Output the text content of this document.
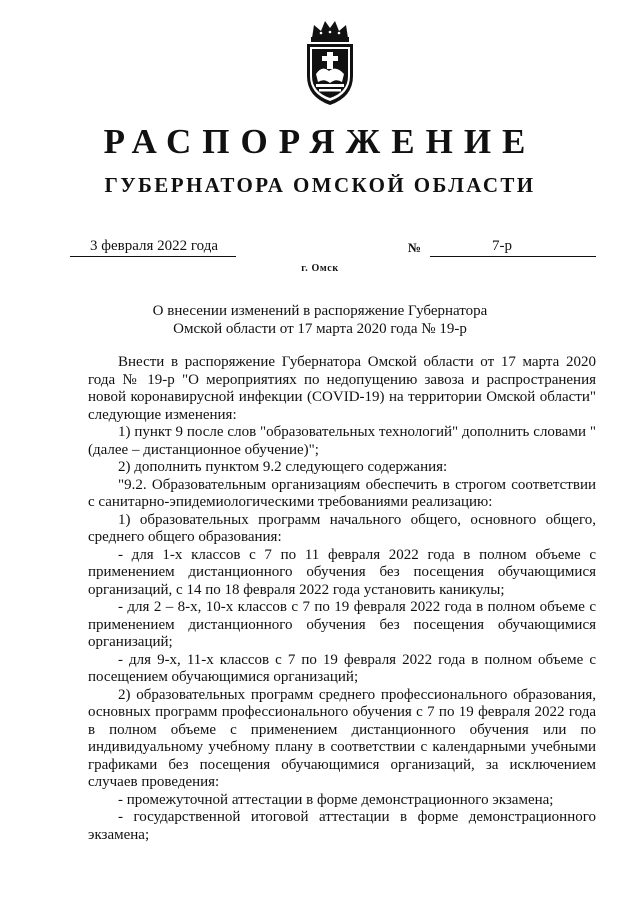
РАСПОРЯЖЕНИЕ
ГУБЕРНАТОРА ОМСКОЙ ОБЛАСТИ
3 февраля 2022 года	№	7-р
г. Омск
О внесении изменений в распоряжение Губернатора
Омской области от 17 марта 2020 года № 19-р

Внести в распоряжение Губернатора Омской области от 17 марта 2020 года № 19-р "О мероприятиях по недопущению завоза и распространения новой коронавирусной инфекции (COVID-19) на территории Омской области" следующие изменения:

1) пункт 9 после слов "образовательных технологий" дополнить словами "(далее – дистанционное обучение)";

2) дополнить пунктом 9.2 следующего содержания:

"9.2. Образовательным организациям обеспечить в строгом соответствии с санитарно-эпидемиологическими требованиями реализацию:

1) образовательных программ начального общего, основного общего, среднего общего образования:

- для 1-х классов с 7 по 11 февраля 2022 года в полном объеме с применением дистанционного обучения без посещения обучающимися организаций, с 14 по 18 февраля 2022 года установить каникулы;

- для 2 – 8-х, 10-х классов с 7 по 19 февраля 2022 года в полном объеме с применением дистанционного обучения без посещения обучающимися организаций;

- для 9-х, 11-х классов с 7 по 19 февраля 2022 года в полном объеме с посещением обучающимися организаций;

2) образовательных программ среднего профессионального образования, основных программ профессионального обучения с 7 по 19 февраля 2022 года в полном объеме с применением дистанционного обучения или по индивидуальному учебному плану в соответствии с календарными учебными графиками без посещения обучающимися организаций, за исключением случаев проведения:

- промежуточной аттестации в форме демонстрационного экзамена;

- государственной итоговой аттестации в форме демонстрационного экзамена;
